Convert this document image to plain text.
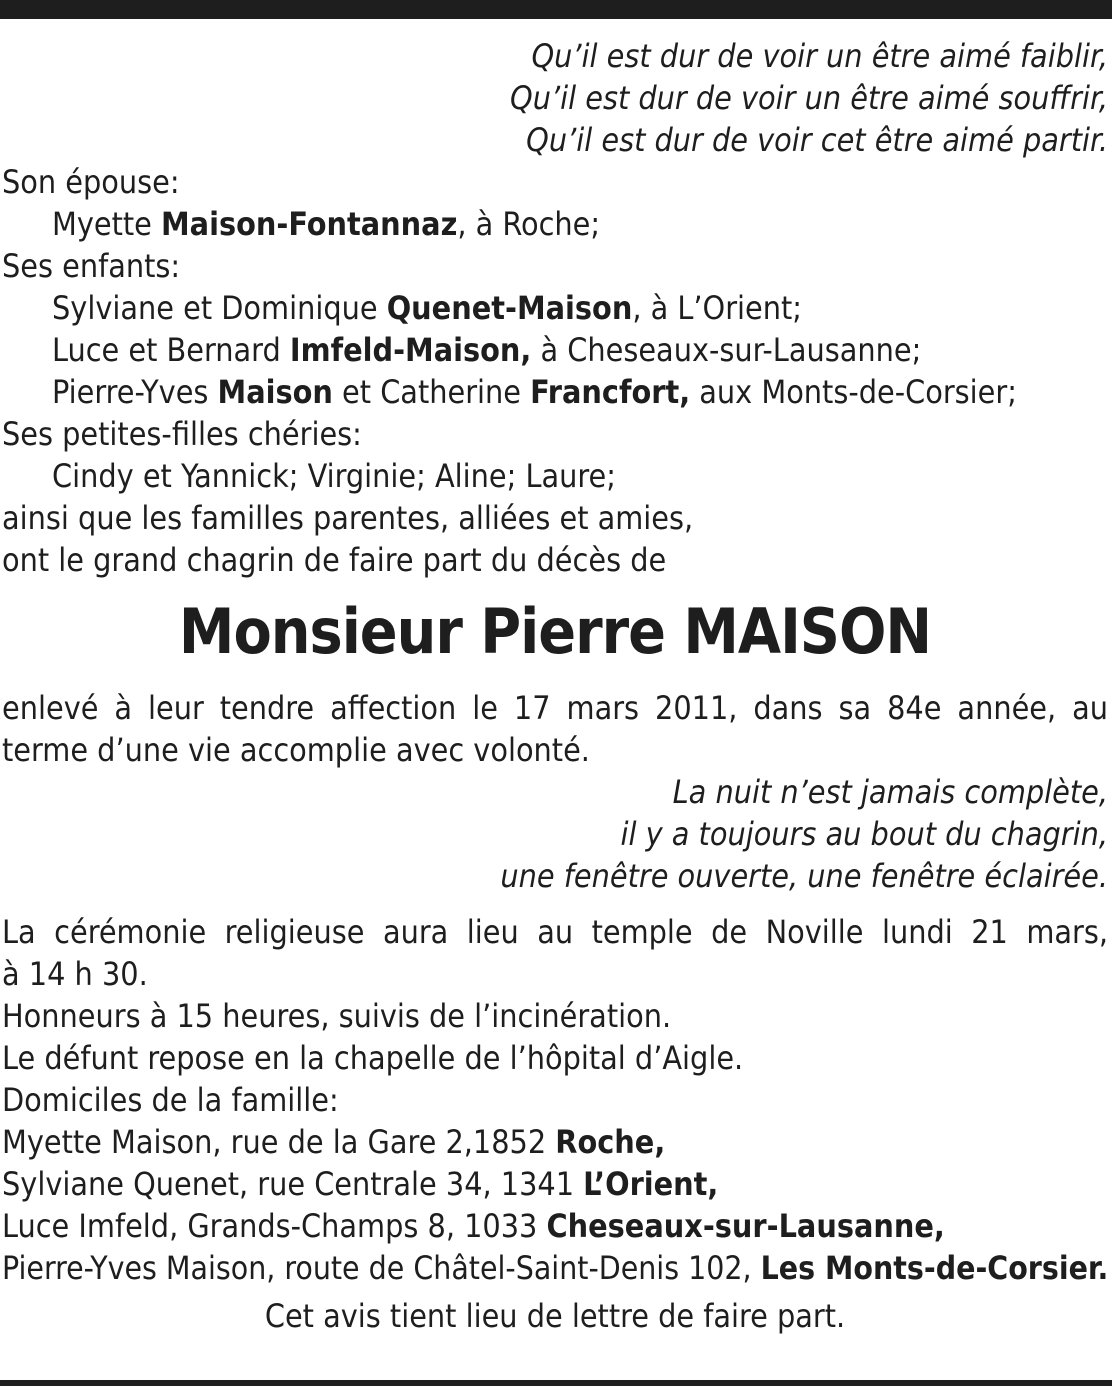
Qu’il est dur de voir un être aimé faiblir,
Qu’il est dur de voir un être aimé souffrir,
Qu’il est dur de voir cet être aimé partir.
Son épouse:
Myette Maison-Fontannaz, à Roche;
Ses enfants:
Sylviane et Dominique Quenet-Maison, à L’Orient;
Luce et Bernard Imfeld-Maison, à Cheseaux-sur-Lausanne;
Pierre-Yves Maison et Catherine Francfort, aux Monts-de-Corsier;
Ses petites-filles chéries:
Cindy et Yannick; Virginie; Aline; Laure;
ainsi que les familles parentes, alliées et amies,
ont le grand chagrin de faire part du décès de
Monsieur Pierre MAISON
enlevé à leur tendre affection le 17 mars 2011, dans sa 84e année, au
terme d’une vie accomplie avec volonté.
La nuit n’est jamais complète,
il y a toujours au bout du chagrin,
une fenêtre ouverte, une fenêtre éclairée.
La cérémonie religieuse aura lieu au temple de Noville lundi 21 mars,
à 14 h 30.
Honneurs à 15 heures, suivis de l’incinération.
Le défunt repose en la chapelle de l’hôpital d’Aigle.
Domiciles de la famille:
Myette Maison, rue de la Gare 2,1852 Roche,
Sylviane Quenet, rue Centrale 34, 1341 L’Orient,
Luce Imfeld, Grands-Champs 8, 1033 Cheseaux-sur-Lausanne,
Pierre-Yves Maison, route de Châtel-Saint-Denis 102, Les Monts-de-Corsier.
Cet avis tient lieu de lettre de faire part.
